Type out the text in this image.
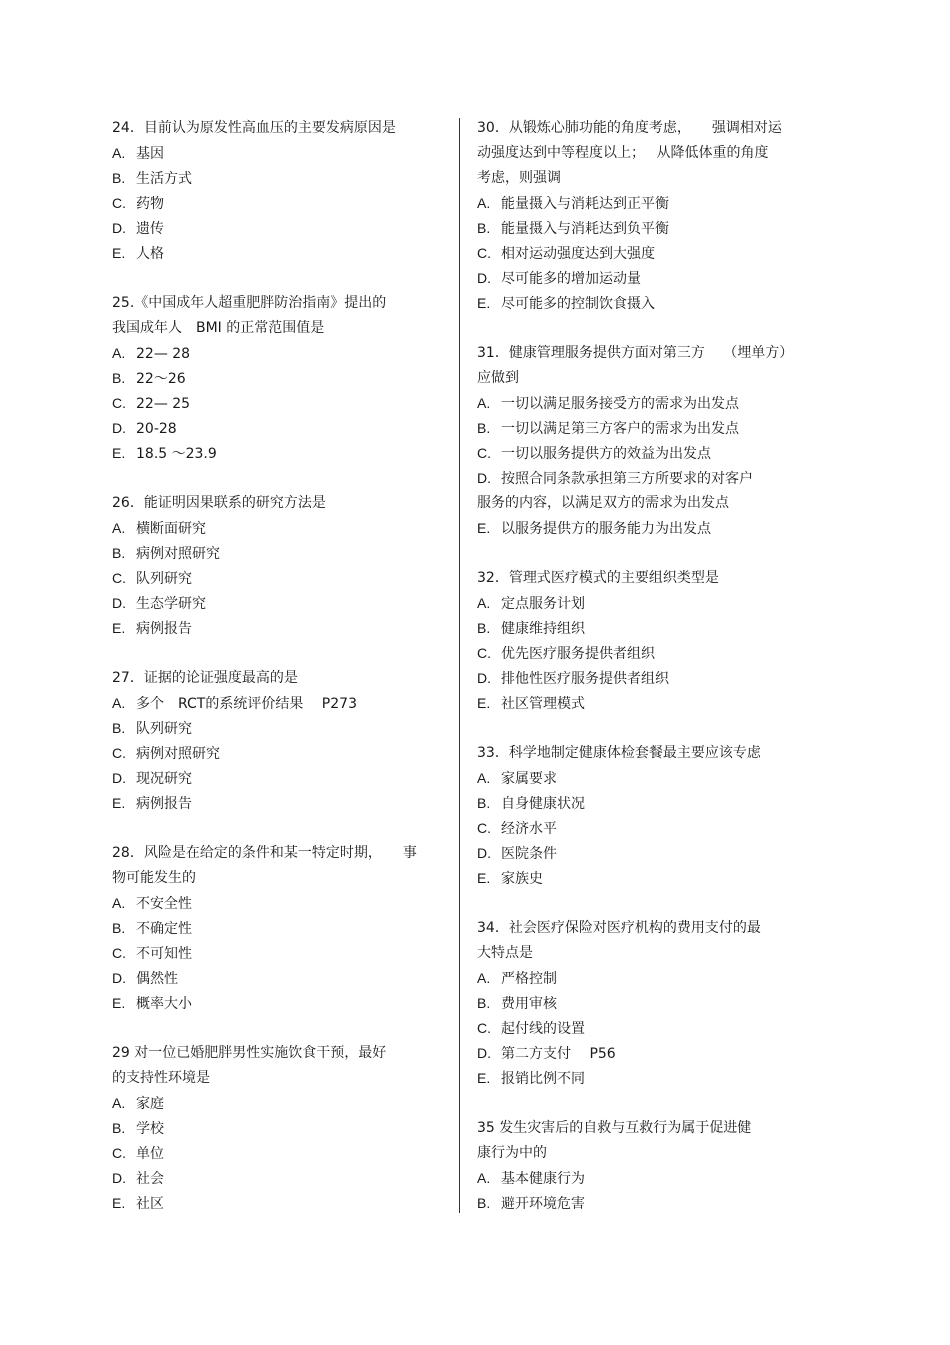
24．目前认为原发性高血压的主要发病原因是
A. 基因
B. 生活方式
C. 药物
D. 遗传
E. 人格
25.《中国成年人超重肥胖防治指南》提出的
我国成年人　BMI 的正常范围值是
A. 22— 28
B. 22～26
C. 22— 25
D. 20-28
E. 18.5 ～23.9
26．能证明因果联系的研究方法是
A. 横断面研究
B. 病例对照研究
C. 队列研究
D. 生态学研究
E. 病例报告
27．证据的论证强度最高的是
A. 多个　RCT的系统评价结果　 P273
B. 队列研究
C. 病例对照研究
D. 现况研究
E. 病例报告
28．风险是在给定的条件和某一特定时期，　　事
物可能发生的
A. 不安全性
B. 不确定性
C. 不可知性
D. 偶然性
E. 概率大小
29 对一位已婚肥胖男性实施饮食干预，最好
的支持性环境是
A. 家庭
B. 学校
C. 单位
D. 社会
E. 社区
30．从锻炼心肺功能的角度考虑，　　强调相对运
动强度达到中等程度以上；　 从降低体重的角度
考虑，则强调
A. 能量摄入与消耗达到正平衡
B. 能量摄入与消耗达到负平衡
C. 相对运动强度达到大强度
D. 尽可能多的增加运动量
E. 尽可能多的控制饮食摄入
31．健康管理服务提供方面对第三方　 （埋单方）
应做到
A. 一切以满足服务接受方的需求为出发点
B. 一切以满足第三方客户的需求为出发点
C. 一切以服务提供方的效益为出发点
D. 按照合同条款承担第三方所要求的对客户
服务的内容，以满足双方的需求为出发点
E. 以服务提供方的服务能力为出发点
32．管理式医疗模式的主要组织类型是
A. 定点服务计划
B. 健康维持组织
C. 优先医疗服务提供者组织
D. 排他性医疗服务提供者组织
E. 社区管理模式
33．科学地制定健康体检套餐最主要应该专虑
A. 家属要求
B. 自身健康状况
C. 经济水平
D. 医院条件
E. 家族史
34．社会医疗保险对医疗机构的费用支付的最
大特点是
A. 严格控制
B. 费用审核
C. 起付线的设置
D. 第二方支付　 P56
E. 报销比例不同
35 发生灾害后的自救与互救行为属于促进健
康行为中的
A. 基本健康行为
B. 避开环境危害
